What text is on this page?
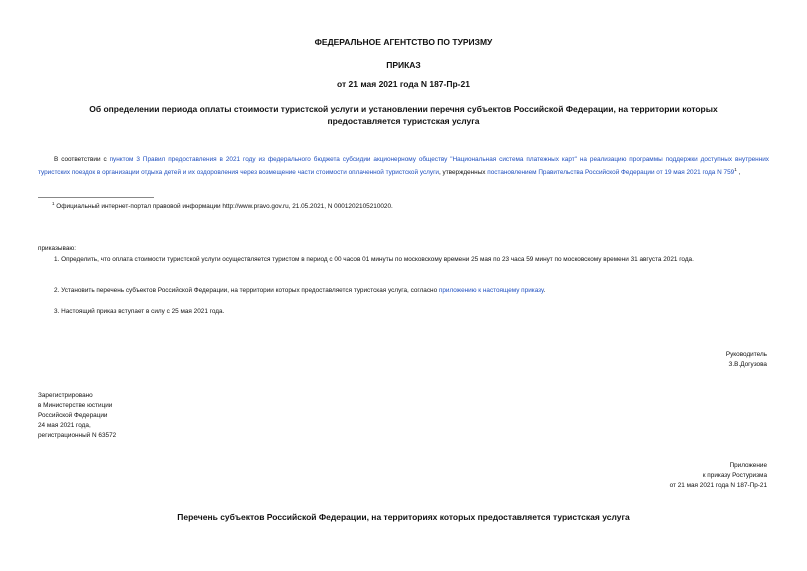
ФЕДЕРАЛЬНОЕ АГЕНТСТВО ПО ТУРИЗМУ
ПРИКАЗ
от 21 мая 2021 года N 187-Пр-21
Об определении периода оплаты стоимости туристской услуги и установлении перечня субъектов Российской Федерации, на территории которых предоставляется туристская услуга
В соответствии с пунктом 3 Правил предоставления в 2021 году из федерального бюджета субсидии акционерному обществу "Национальная система платежных карт" на реализацию программы поддержки доступных внутренних туристских поездок в организации отдыха детей и их оздоровления через возмещение части стоимости оплаченной туристской услуги, утвержденных постановлением Правительства Российской Федерации от 19 мая 2021 года N $759^1$ ,
$^1$ Официальный интернет-портал правовой информации http://www.pravo.gov.ru, 21.05.2021, N 0001202105210020.
приказываю:
1. Определить, что оплата стоимости туристской услуги осуществляется туристом в период с 00 часов 01 минуты по московскому времени 25 мая по 23 часа 59 минут по московскому времени 31 августа 2021 года.
2. Установить перечень субъектов Российской Федерации, на территории которых предоставляется туристская услуга, согласно приложению к настоящему приказу.
3. Настоящий приказ вступает в силу с 25 мая 2021 года.
Руководитель
З.В.Догузова
Зарегистрировано
в Министерстве юстиции
Российской Федерации
24 мая 2021 года,
регистрационный N 63572
Приложение
к приказу Ростуризма
от 21 мая 2021 года N 187-Пр-21
Перечень субъектов Российской Федерации, на территориях которых предоставляется туристская услуга
